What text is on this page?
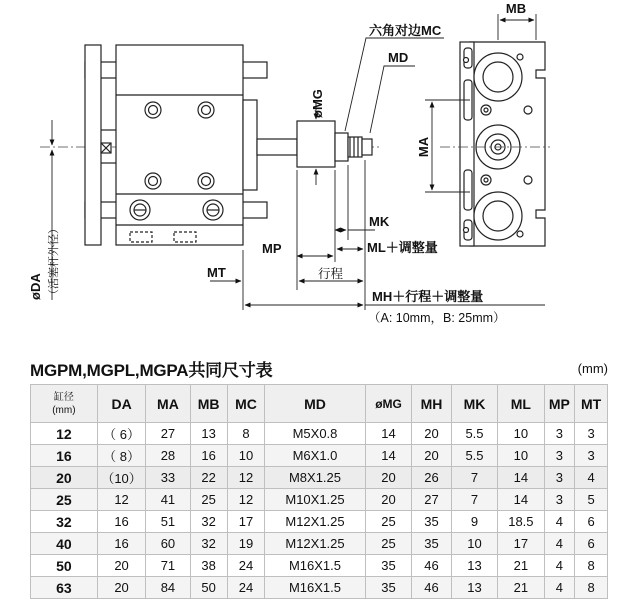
MB
六角对边MC
MD
øMG
MA
MK
MP	ML＋调整量
MT	行程
øDA （活塞杆外径）	MH＋行程＋调整量
（A: 10mm，B: 25mm）
MGPM,MGPL,MGPA共同尺寸表	(mm)
缸径
(mm)	DA	MA	MB	MC	MD	øMG	MH	MK	ML	MP	MT
12	（ 6）	27	13	8	M5X0.8	14	20	5.5	10	3	3
16	（ 8）	28	16	10	M6X1.0	14	20	5.5	10	3	3
20	（10）	33	22	12	M8X1.25	20	26	7	14	3	4
25	12	41	25	12	M10X1.25	20	27	7	14	3	5
32	16	51	32	17	M12X1.25	25	35	9	18.5	4	6
40	16	60	32	19	M12X1.25	25	35	10	17	4	6
50	20	71	38	24	M16X1.5	35	46	13	21	4	8
63	20	84	50	24	M16X1.5	35	46	13	21	4	8
